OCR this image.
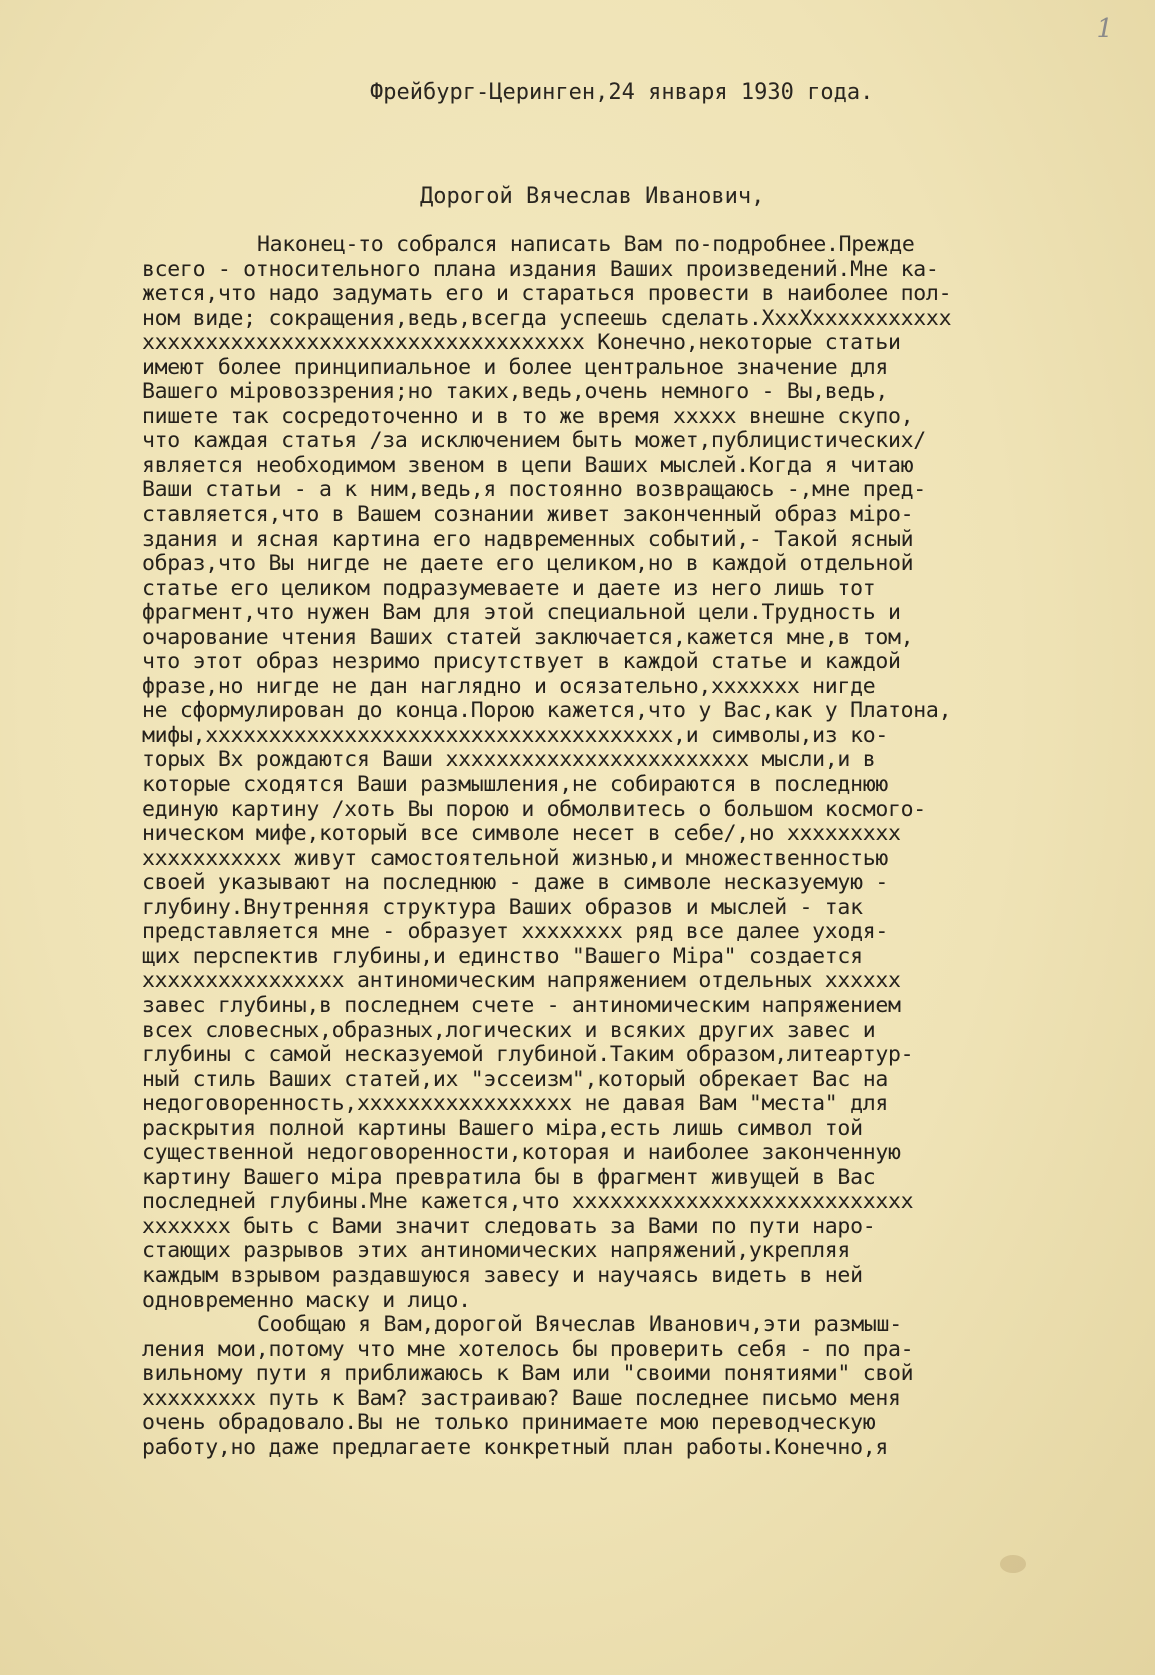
1
Фрейбург-Церинген,24 января 1930 года.
Дорогой Вячеслав Иванович,
Наконец-то собрался написать Вам по-подробнее.Прежде
всего - относительного плана издания Ваших произведений.Мне ка-
жется,что надо задумать его и стараться провести в наиболее пол-
ном виде; сокращения,ведь,всегда успеешь сделать.ХххХххххххххххх
ххххххххххххххххххххххххххххххххххх Конечно,некоторые статьи
имеют более принципиальное и более центральное значение для
Вашего міровоззрения;но таких,ведь,очень немного - Вы,ведь,
пишете так сосредоточенно и в то же время ххххх внешне скупо,
что каждая статья /за исключением быть может,публицистических/
является необходимом звеном в цепи Ваших мыслей.Когда я читаю
Ваши статьи - а к ним,ведь,я постоянно возвращаюсь -,мне пред-
ставляется,что в Вашем сознании живет законченный образ міро-
здания и ясная картина его надвременных событий,- Такой ясный
образ,что Вы нигде не даете его целиком,но в каждой отдельной
статье его целиком подразумеваете и даете из него лишь тот
фрагмент,что нужен Вам для этой специальной цели.Трудность и
очарование чтения Ваших статей заключается,кажется мне,в том,
что этот образ незримо присутствует в каждой статье и каждой
фразе,но нигде не дан наглядно и осязательно,ххххххх нигде
не сформулирован до конца.Порою кажется,что у Вас,как у Платона,
мифы,ххххххххххххххххххххххххххххххххххххх,и символы,из ко-
торых Вх рождаются Ваши хххххххххххххххххххххххх мысли,и в
которые сходятся Ваши размышления,не собираются в последнюю
единую картину /хоть Вы порою и обмолвитесь о большом космого-
ническом мифе,который все символе несет в себе/,но ххххххххх
ххххххххххх живут самостоятельной жизнью,и множественностью
своей указывают на последнюю - даже в символе несказуемую -
глубину.Внутренняя структура Ваших образов и мыслей - так
представляется мне - образует хххххххх ряд все далее уходя-
щих перспектив глубины,и единство "Вашего Міра" создается
хххххххххххххххх антиномическим напряжением отдельных хххххх
завес глубины,в последнем счете - антиномическим напряжением
всех словесных,образных,логических и всяких других завес и
глубины с самой несказуемой глубиной.Таким образом,литеартур-
ный стиль Ваших статей,их "эссеизм",который обрекает Вас на
недоговоренность,ххххххххххххххххх не давая Вам "места" для
раскрытия полной картины Вашего міра,есть лишь символ той
существенной недоговоренности,которая и наиболее законченную
картину Вашего міра превратила бы в фрагмент живущей в Вас
последней глубины.Мне кажется,что ххххххххххххххххххххххххххх
ххххххх быть с Вами значит следовать за Вами по пути наро-
стающих разрывов этих антиномических напряжений,укрепляя
каждым взрывом раздавшуюся завесу и научаясь видеть в ней
одновременно маску и лицо.
Сообщаю я Вам,дорогой Вячеслав Иванович,эти размыш-
ления мои,потому что мне хотелось бы проверить себя - по пра-
вильному пути я приближаюсь к Вам или "своими понятиями" свой
ххххххххх путь к Вам? застраиваю? Ваше последнее письмо меня
очень обрадовало.Вы не только принимаете мою переводческую
работу,но даже предлагаете конкретный план работы.Конечно,я
